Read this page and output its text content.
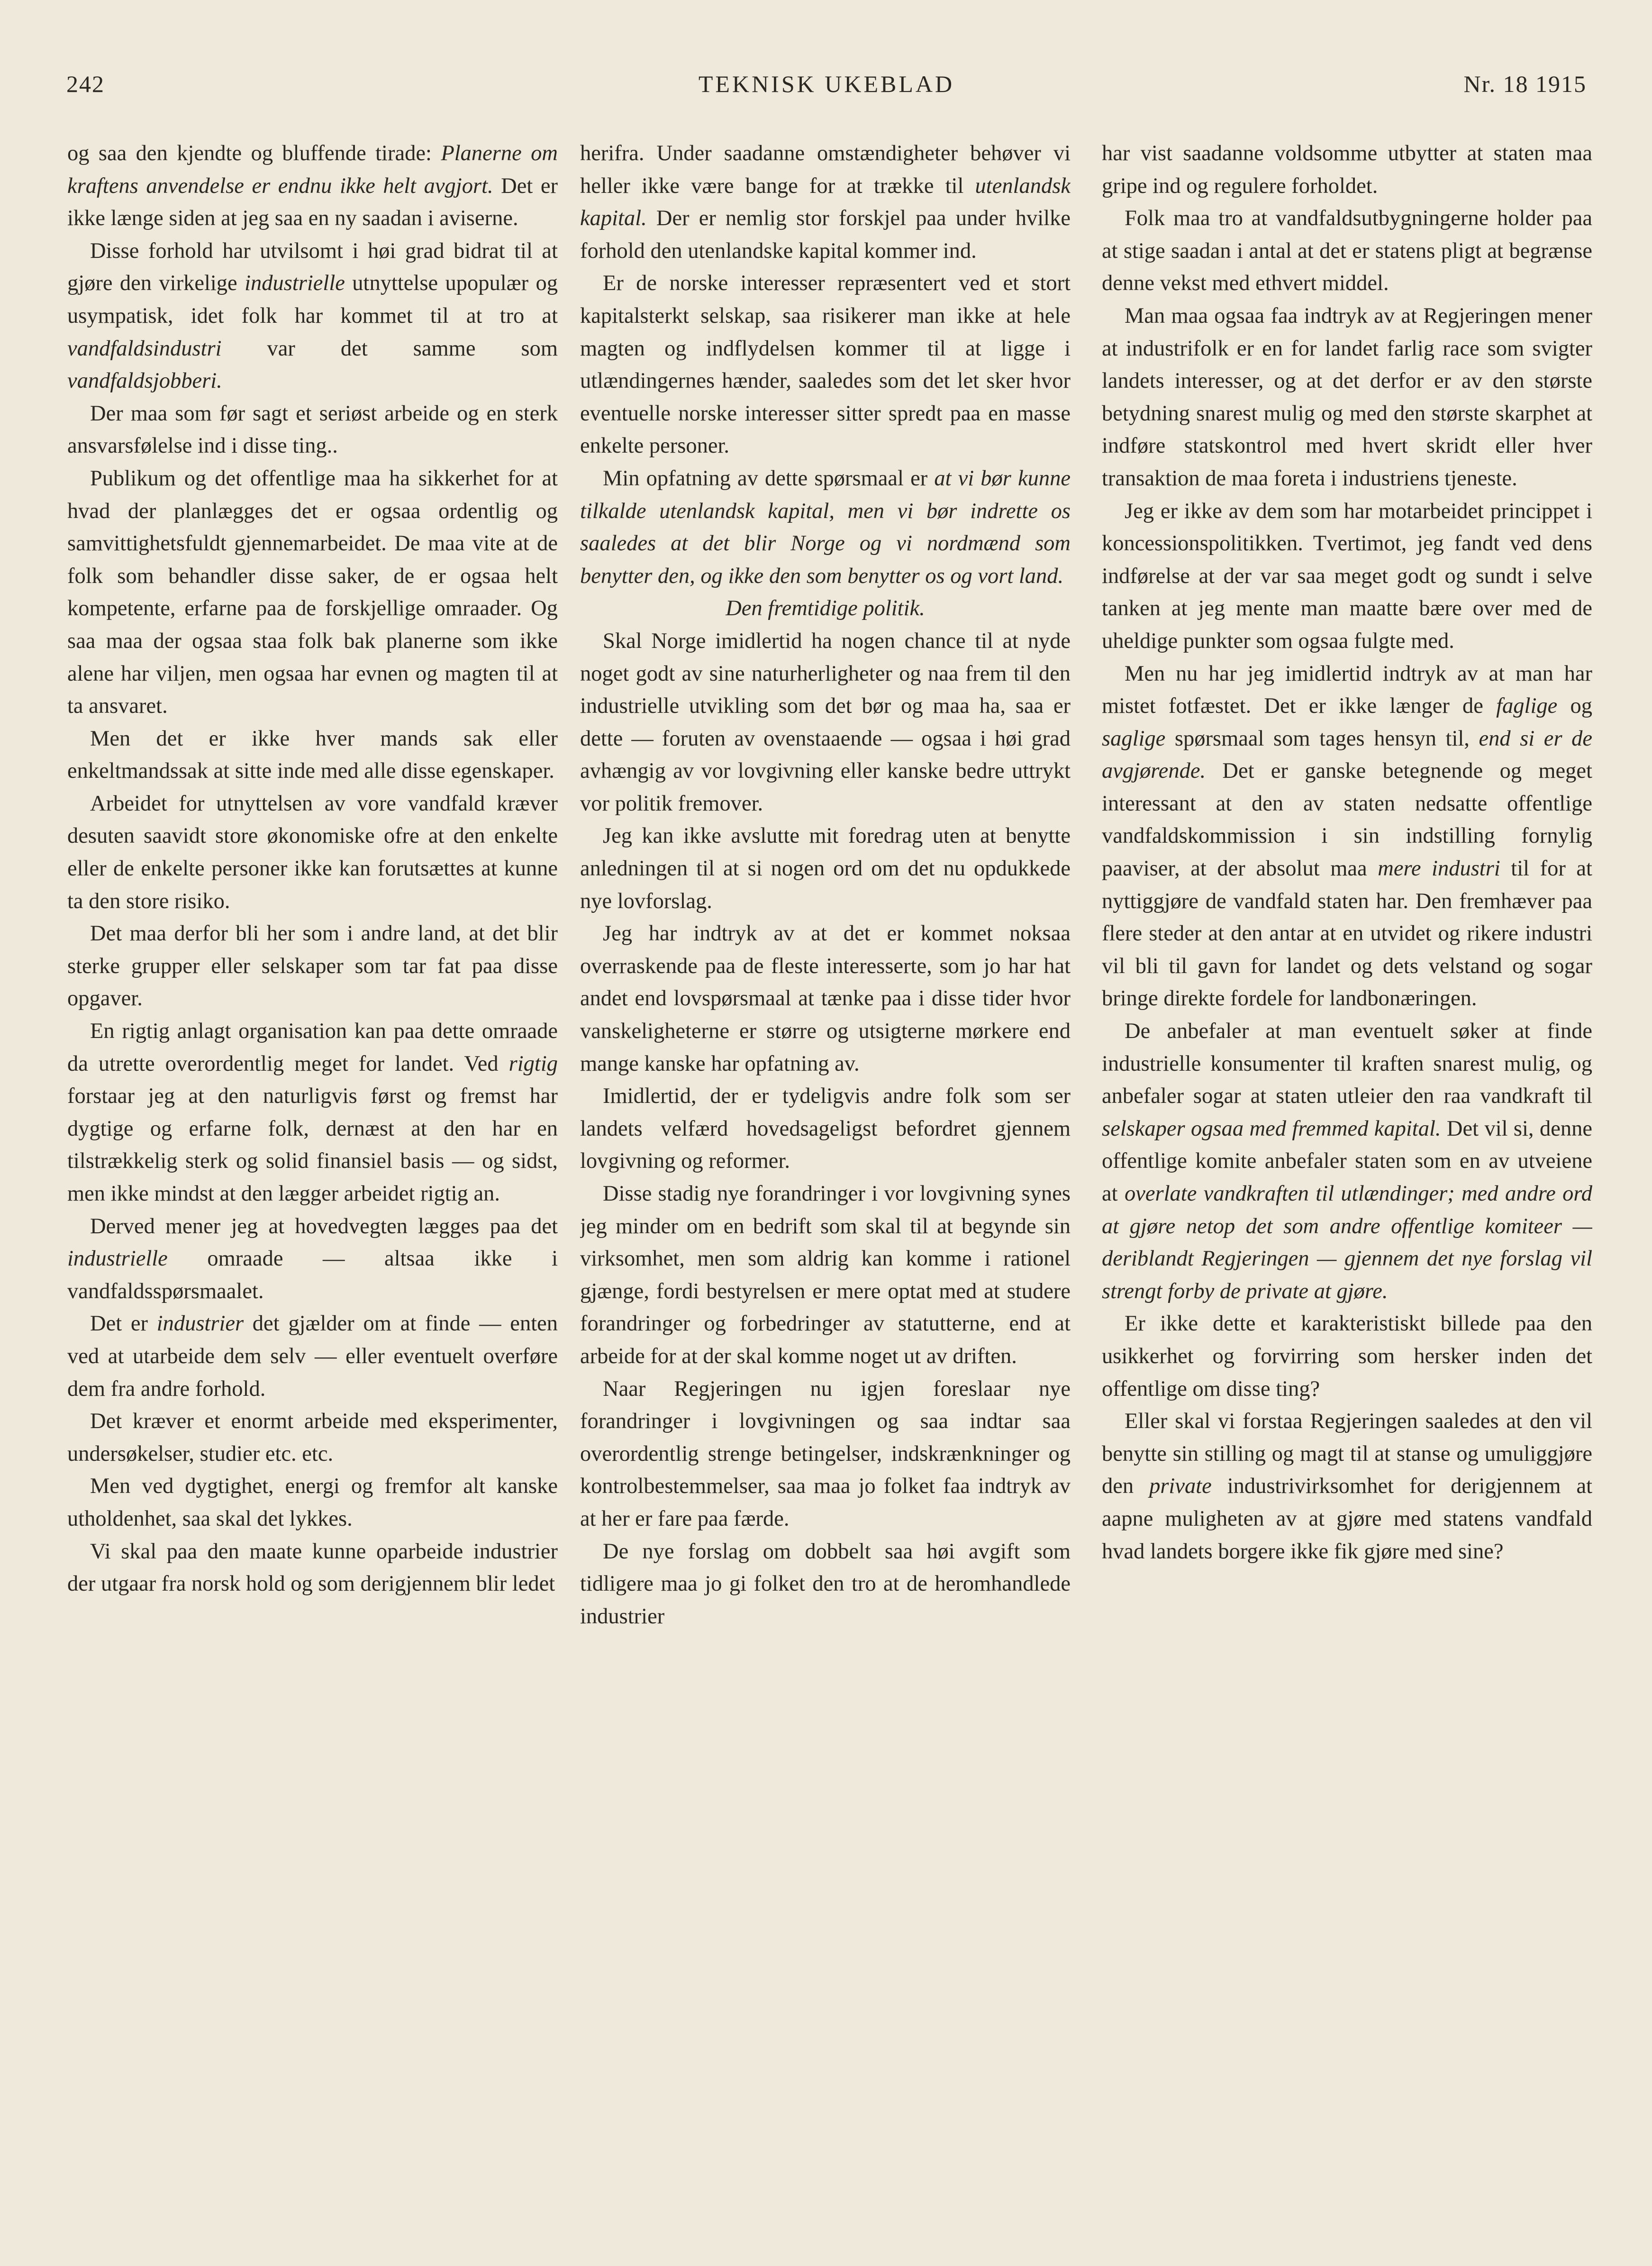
242	TEKNISK UKEBLAD	Nr. 18 1915

og saa den kjendte og bluffende tirade: Planerne om kraftens anvendelse er endnu ikke helt avgjort. Det er ikke længe siden at jeg saa en ny saadan i aviserne.

Disse forhold har utvilsomt i høi grad bidrat til at gjøre den virkelige industrielle utnyttelse upopulær og usympatisk, idet folk har kommet til at tro at vandfaldsindustri var det samme som vandfaldsjobberi.

Der maa som før sagt et seriøst arbeide og en sterk ansvarsfølelse ind i disse ting..

Publikum og det offentlige maa ha sikkerhet for at hvad der planlægges det er ogsaa ordentlig og samvittighetsfuldt gjennemarbeidet. De maa vite at de folk som behandler disse saker, de er ogsaa helt kompetente, erfarne paa de forskjellige omraader. Og saa maa der ogsaa staa folk bak planerne som ikke alene har viljen, men ogsaa har evnen og magten til at ta ansvaret.

Men det er ikke hver mands sak eller enkeltmandssak at sitte inde med alle disse egenskaper.

Arbeidet for utnyttelsen av vore vandfald kræver desuten saavidt store økonomiske ofre at den enkelte eller de enkelte personer ikke kan forutsættes at kunne ta den store risiko.

Det maa derfor bli her som i andre land, at det blir sterke grupper eller selskaper som tar fat paa disse opgaver.

En rigtig anlagt organisation kan paa dette omraade da utrette overordentlig meget for landet. Ved rigtig forstaar jeg at den naturligvis først og fremst har dygtige og erfarne folk, dernæst at den har en tilstrækkelig sterk og solid finansiel basis — og sidst, men ikke mindst at den lægger arbeidet rigtig an.

Derved mener jeg at hovedvegten lægges paa det industrielle omraade — altsaa ikke i vandfaldsspørsmaalet.

Det er industrier det gjælder om at finde — enten ved at utarbeide dem selv — eller eventuelt overføre dem fra andre forhold.

Det kræver et enormt arbeide med eksperimenter, undersøkelser, studier etc. etc.

Men ved dygtighet, energi og fremfor alt kanske utholdenhet, saa skal det lykkes.

Vi skal paa den maate kunne oparbeide industrier der utgaar fra norsk hold og som derigjennem blir ledet

herifra. Under saadanne omstændigheter behøver vi heller ikke være bange for at trække til utenlandsk kapital. Der er nemlig stor forskjel paa under hvilke forhold den utenlandske kapital kommer ind.

Er de norske interesser repræsentert ved et stort kapitalsterkt selskap, saa risikerer man ikke at hele magten og indflydelsen kommer til at ligge i utlændingernes hænder, saaledes som det let sker hvor eventuelle norske interesser sitter spredt paa en masse enkelte personer.

Min opfatning av dette spørsmaal er at vi bør kunne tilkalde utenlandsk kapital, men vi bør indrette os saaledes at det blir Norge og vi nordmænd som benytter den, og ikke den som benytter os og vort land.

Den fremtidige politik.

Skal Norge imidlertid ha nogen chance til at nyde noget godt av sine naturherligheter og naa frem til den industrielle utvikling som det bør og maa ha, saa er dette — foruten av ovenstaaende — ogsaa i høi grad avhængig av vor lovgivning eller kanske bedre uttrykt vor politik fremover.

Jeg kan ikke avslutte mit foredrag uten at benytte anledningen til at si nogen ord om det nu opdukkede nye lovforslag.

Jeg har indtryk av at det er kommet noksaa overraskende paa de fleste interesserte, som jo har hat andet end lovspørsmaal at tænke paa i disse tider hvor vanskeligheterne er større og utsigterne mørkere end mange kanske har opfatning av.

Imidlertid, der er tydeligvis andre folk som ser landets velfærd hovedsageligst befordret gjennem lovgivning og reformer.

Disse stadig nye forandringer i vor lovgivning synes jeg minder om en bedrift som skal til at begynde sin virksomhet, men som aldrig kan komme i rationel gjænge, fordi bestyrelsen er mere optat med at studere forandringer og forbedringer av statutterne, end at arbeide for at der skal komme noget ut av driften.

Naar Regjeringen nu igjen foreslaar nye forandringer i lovgivningen og saa indtar saa overordentlig strenge betingelser, indskrænkninger og kontrolbestemmelser, saa maa jo folket faa indtryk av at her er fare paa færde.

De nye forslag om dobbelt saa høi avgift som tidligere maa jo gi folket den tro at de heromhandlede industrier

har vist saadanne voldsomme utbytter at staten maa gripe ind og regulere forholdet.

Folk maa tro at vandfaldsutbygningerne holder paa at stige saadan i antal at det er statens pligt at begrænse denne vekst med ethvert middel.

Man maa ogsaa faa indtryk av at Regjeringen mener at industrifolk er en for landet farlig race som svigter landets interesser, og at det derfor er av den største betydning snarest mulig og med den største skarphet at indføre statskontrol med hvert skridt eller hver transaktion de maa foreta i industriens tjeneste.

Jeg er ikke av dem som har motarbeidet princippet i koncessionspolitikken. Tvertimot, jeg fandt ved dens indførelse at der var saa meget godt og sundt i selve tanken at jeg mente man maatte bære over med de uheldige punkter som ogsaa fulgte med.

Men nu har jeg imidlertid indtryk av at man har mistet fotfæstet. Det er ikke længer de faglige og saglige spørsmaal som tages hensyn til, end si er de avgjørende. Det er ganske betegnende og meget interessant at den av staten nedsatte offentlige vandfaldskommission i sin indstilling fornylig paaviser, at der absolut maa mere industri til for at nyttiggjøre de vandfald staten har. Den fremhæver paa flere steder at den antar at en utvidet og rikere industri vil bli til gavn for landet og dets velstand og sogar bringe direkte fordele for landbonæringen.

De anbefaler at man eventuelt søker at finde industrielle konsumenter til kraften snarest mulig, og anbefaler sogar at staten utleier den raa vandkraft til selskaper ogsaa med fremmed kapital. Det vil si, denne offentlige komite anbefaler staten som en av utveiene at overlate vandkraften til utlændinger; med andre ord at gjøre netop det som andre offentlige komiteer — deriblandt Regjeringen — gjennem det nye forslag vil strengt forby de private at gjøre.

Er ikke dette et karakteristiskt billede paa den usikkerhet og forvirring som hersker inden det offentlige om disse ting?

Eller skal vi forstaa Regjeringen saaledes at den vil benytte sin stilling og magt til at stanse og umuliggjøre den private industrivirksomhet for derigjennem at aapne muligheten av at gjøre med statens vandfald hvad landets borgere ikke fik gjøre med sine?
